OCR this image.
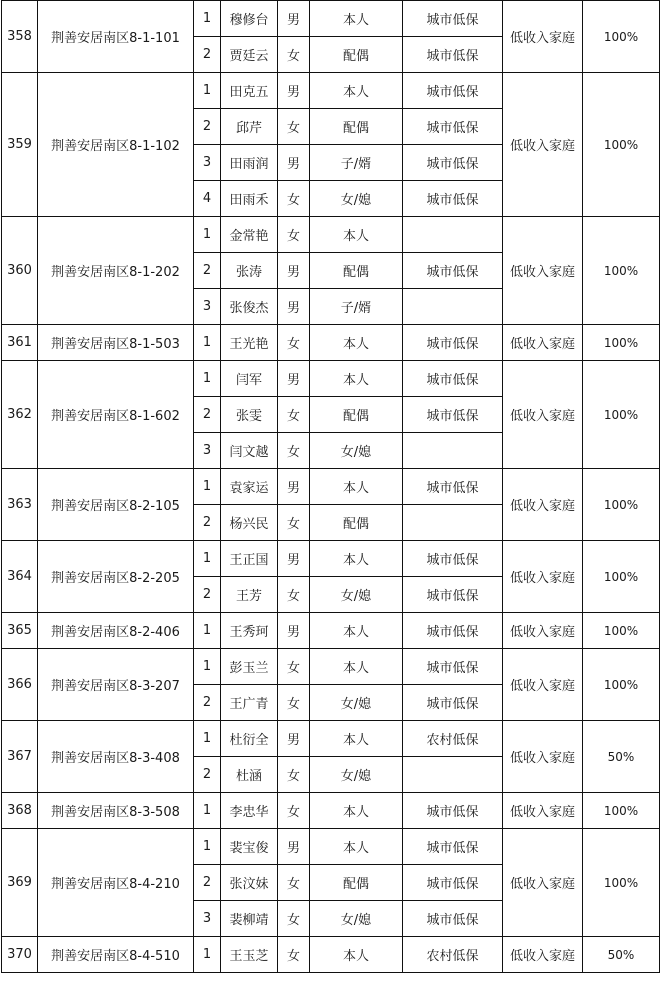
358	荆善安居南区8-1-101	1	穆修台	男	本人	城市低保	低收入家庭	100%
		2	贾廷云	女	配偶	城市低保		
359	荆善安居南区8-1-102	1	田克五	男	本人	城市低保	低收入家庭	100%
		2	邱芹	女	配偶	城市低保		
		3	田雨润	男	子/婿	城市低保		
		4	田雨禾	女	女/媳	城市低保		
360	荆善安居南区8-1-202	1	金常艳	女	本人		低收入家庭	100%
		2	张涛	男	配偶	城市低保		
		3	张俊杰	男	子/婿			
361	荆善安居南区8-1-503	1	王光艳	女	本人	城市低保	低收入家庭	100%
362	荆善安居南区8-1-602	1	闫军	男	本人	城市低保	低收入家庭	100%
		2	张雯	女	配偶	城市低保		
		3	闫文越	女	女/媳			
363	荆善安居南区8-2-105	1	袁家运	男	本人	城市低保	低收入家庭	100%
		2	杨兴民	女	配偶			
364	荆善安居南区8-2-205	1	王正国	男	本人	城市低保	低收入家庭	100%
		2	王芳	女	女/媳	城市低保		
365	荆善安居南区8-2-406	1	王秀珂	男	本人	城市低保	低收入家庭	100%
366	荆善安居南区8-3-207	1	彭玉兰	女	本人	城市低保	低收入家庭	100%
		2	王广青	女	女/媳	城市低保		
367	荆善安居南区8-3-408	1	杜衍全	男	本人	农村低保	低收入家庭	50%
		2	杜涵	女	女/媳			
368	荆善安居南区8-3-508	1	李忠华	女	本人	城市低保	低收入家庭	100%
369	荆善安居南区8-4-210	1	裴宝俊	男	本人	城市低保	低收入家庭	100%
		2	张汶妹	女	配偶	城市低保		
		3	裴柳靖	女	女/媳	城市低保		
370	荆善安居南区8-4-510	1	王玉芝	女	本人	农村低保	低收入家庭	50%
